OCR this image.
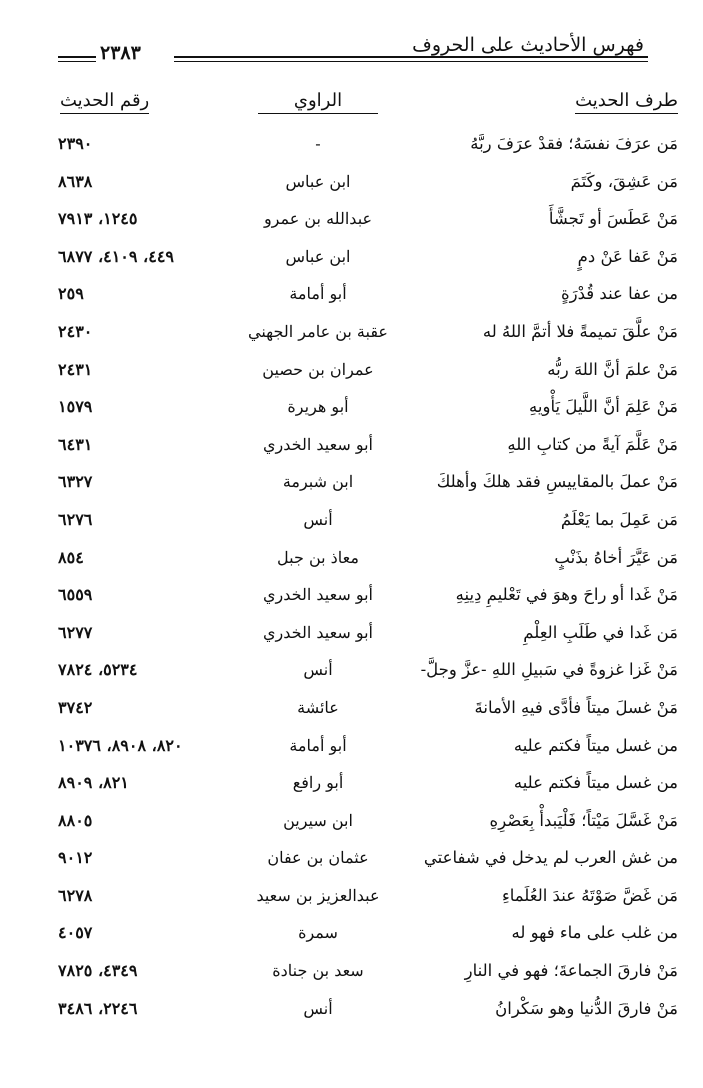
٢٣٨٣	فهرس الأحاديث على الحروف
طرف الحديث
الراوي
رقم الحديث
مَن عرَفَ نفسَهُ؛ فقدْ عرَفَ ربَّهُ
-
٢٣٩٠
مَن عَشِقَ، وكَتَمَ
ابن عباس
٨٦٣٨
مَنْ عَطَسَ أو تَجشَّأَ
عبدالله بن عمرو
١٢٤٥، ٧٩١٣
مَنْ عَفا عَنْ دمٍ
ابن عباس
٤٤٩، ٤١٠٩، ٦٨٧٧
من عفا عند قُدْرَةٍ
أبو أمامة
٢٥٩
مَنْ علَّقَ تميمةً فلا أتمَّ اللهُ له
عقبة بن عامر الجهني
٢٤٣٠
مَنْ علمَ أنَّ اللهَ ربُّه
عمران بن حصين
٢٤٣١
مَنْ عَلِمَ أنَّ اللَّيلَ يَأْويهِ
أبو هريرة
١٥٧٩
مَنْ عَلَّمَ آيةً من كتابِ اللهِ
أبو سعيد الخدري
٦٤٣١
مَنْ عملَ بالمقاييسِ فقد هلكَ وأهلكَ
ابن شبرمة
٦٣٢٧
مَن عَمِلَ بما يَعْلَمُ
أنس
٦٢٧٦
مَن عَيَّرَ أخاهُ بذَنْبٍ
معاذ بن جبل
٨٥٤
مَنْ غَدا أو راحَ وهوَ في تَعْليمِ دِينِهِ
أبو سعيد الخدري
٦٥٥٩
مَن غَدا في طَلَبِ العِلْمِ
أبو سعيد الخدري
٦٢٧٧
مَنْ غَزا غزوةً في سَبيلِ اللهِ -عزَّ وجلَّ-
أنس
٥٢٣٤، ٧٨٢٤
مَنْ غسلَ ميتاً فأدَّى فيهِ الأمانةَ
عائشة
٣٧٤٢
من غسل ميتاً فكتم عليه
أبو أمامة
٨٢٠، ٨٩٠٨، ١٠٣٧٦
من غسل ميتاً فكتم عليه
أبو رافع
٨٢١، ٨٩٠٩
مَنْ غَسَّلَ مَيْتاً؛ فَلْيَبدأْ بِعَصْرِهِ
ابن سيرين
٨٨٠٥
من غش العرب لم يدخل في شفاعتي
عثمان بن عفان
٩٠١٢
مَن غَضَّ صَوْتَهُ عندَ العُلَماءِ
عبدالعزيز بن سعيد
٦٢٧٨
من غلب على ماء فهو له
سمرة
٤٠٥٧
مَنْ فارقَ الجماعةَ؛ فهو في النارِ
سعد بن جنادة
٤٣٤٩، ٧٨٢٥
مَنْ فارقَ الدُّنيا وهو سَكْرانُ
أنس
٢٢٤٦، ٣٤٨٦
